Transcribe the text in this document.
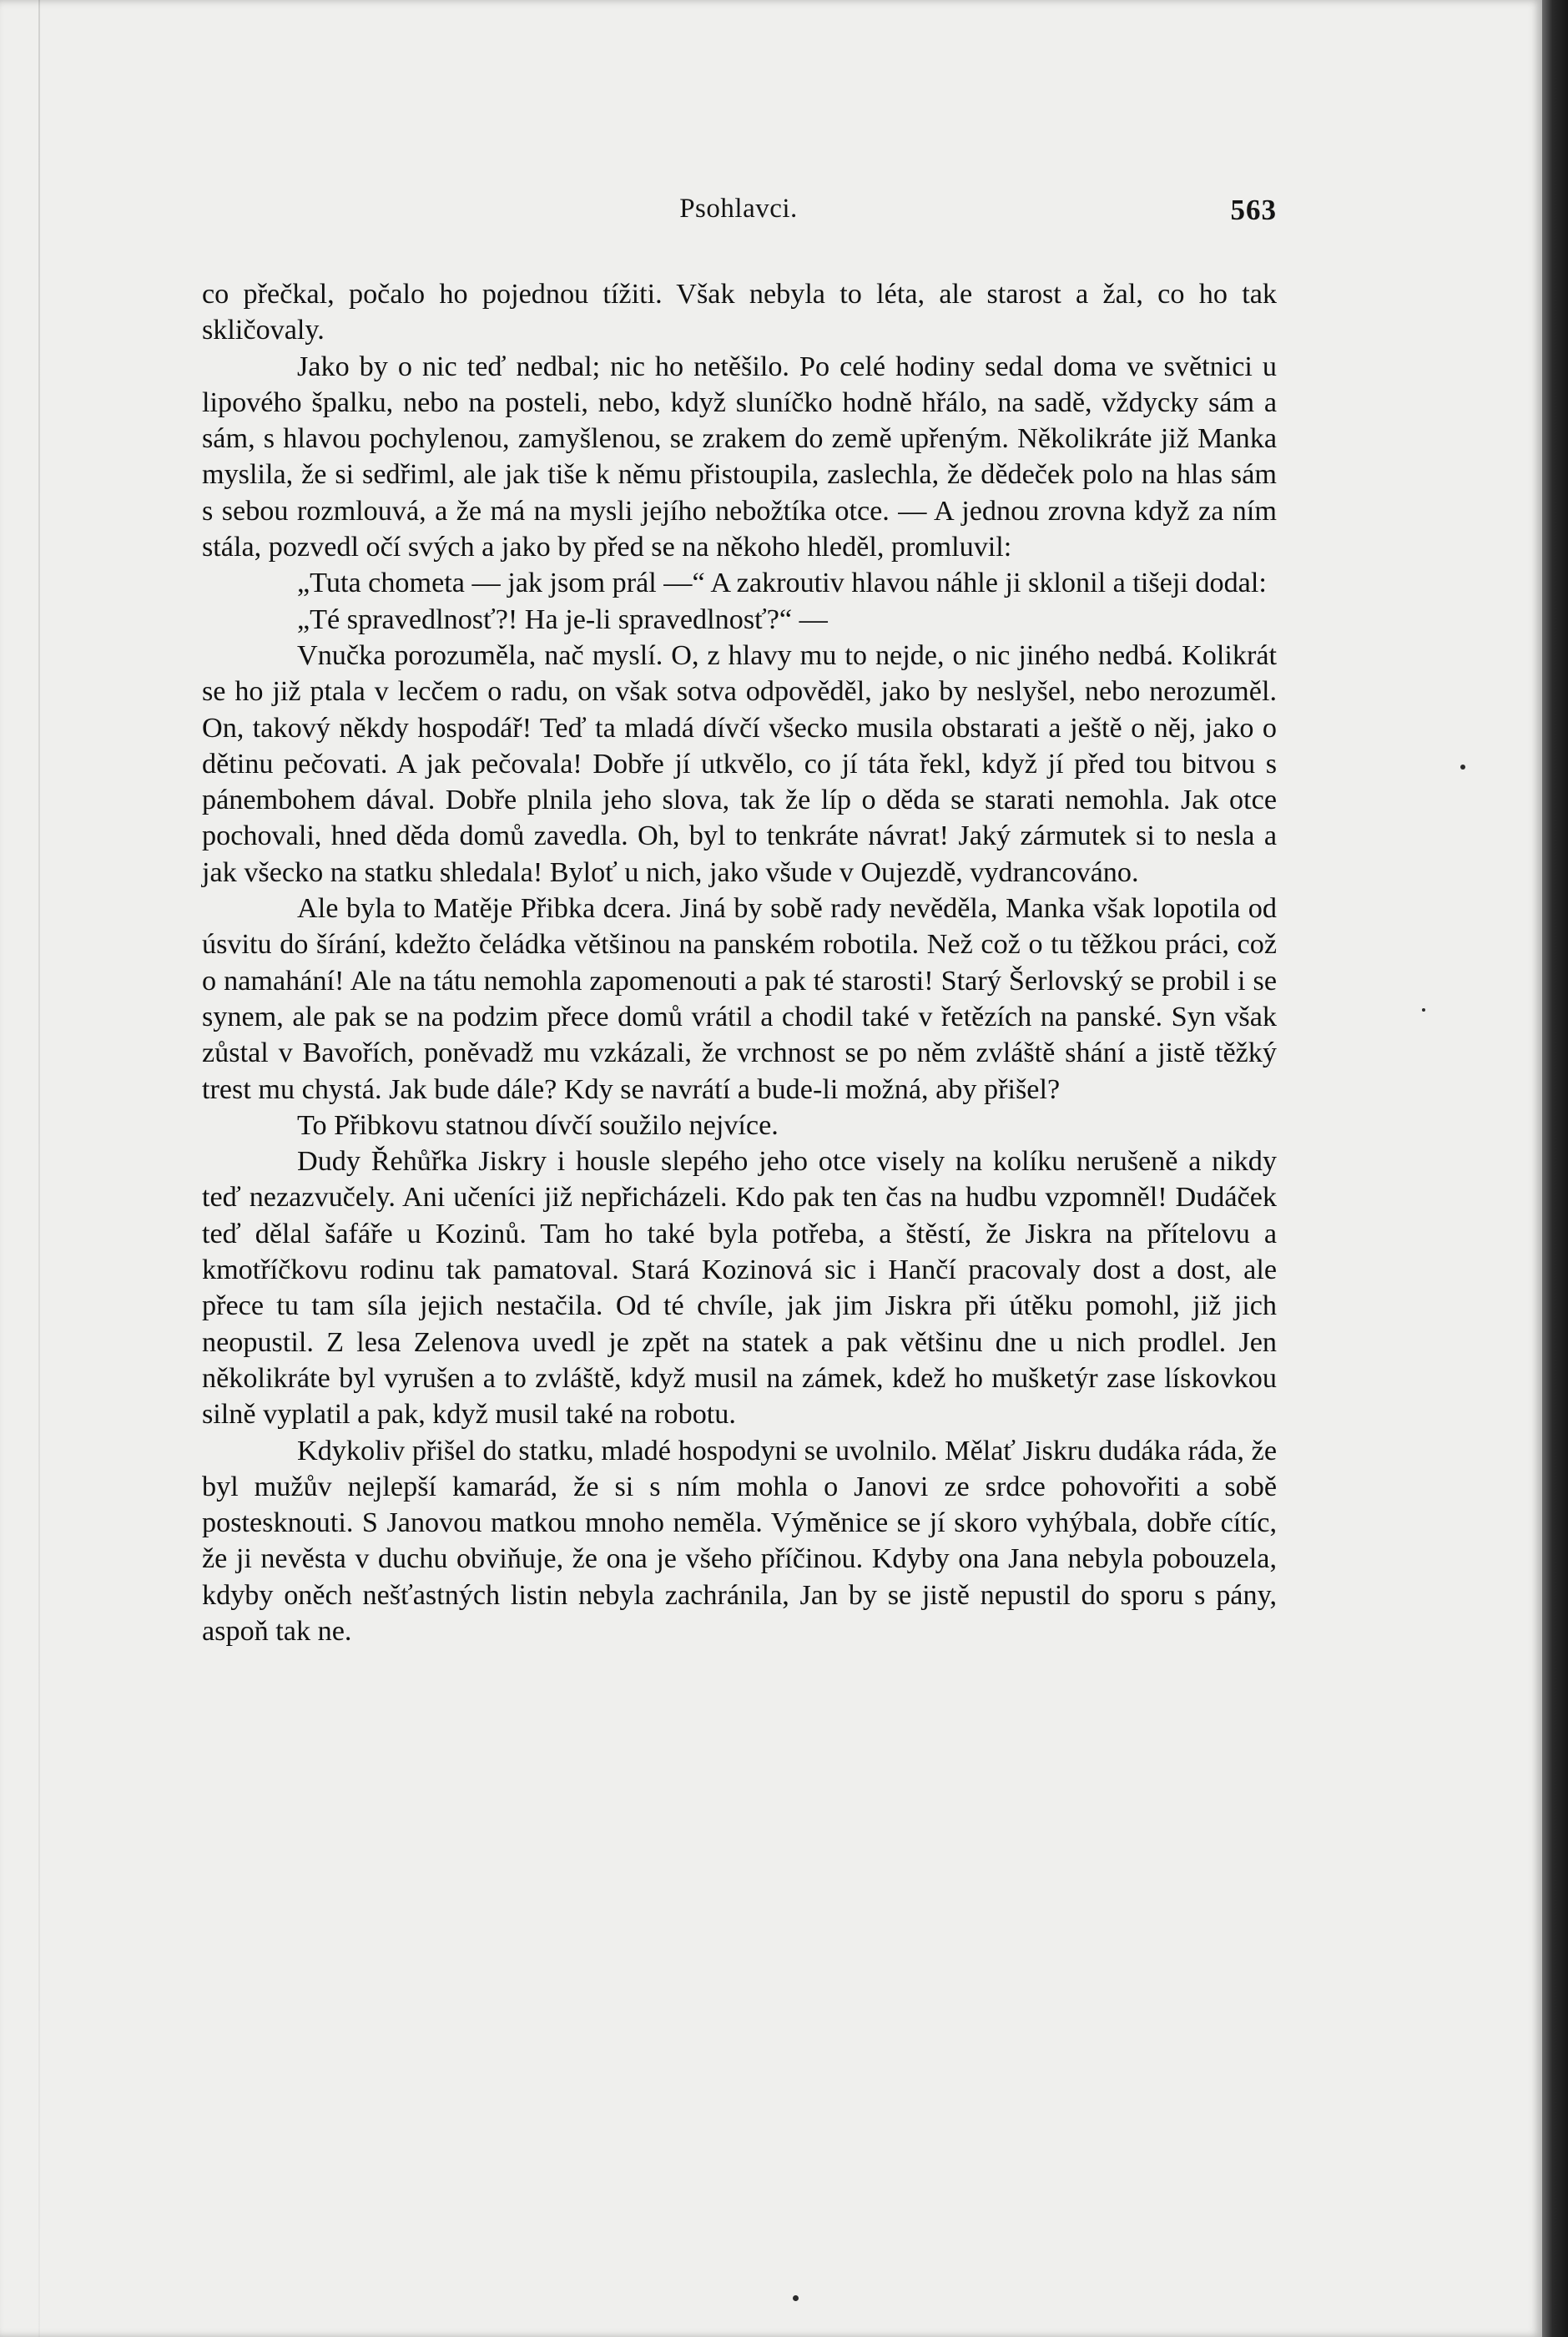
Psohlavci.	563

co přečkal, počalo ho pojednou tížiti. Však nebyla to léta, ale starost a žal, co ho tak skličovaly.

Jako by o nic teď nedbal; nic ho netěšilo. Po celé hodiny sedal doma ve světnici u lipového špalku, nebo na posteli, nebo, když sluníčko hodně hřálo, na sadě, vždycky sám a sám, s hlavou pochylenou, zamyšlenou, se zrakem do země upřeným. Několikráte již Manka myslila, že si sedřiml, ale jak tiše k němu přistoupila, zaslechla, že dědeček polo na hlas sám s sebou rozmlouvá, a že má na mysli jejího nebožtíka otce. — A jednou zrovna když za ním stála, pozvedl očí svých a jako by před se na někoho hleděl, promluvil:

„Tuta chometa — jak jsom prál —“ A zakroutiv hlavou náhle ji sklonil a tišeji dodal:

„Té spravedlnosť?! Ha je-li spravedlnosť?“ —

Vnučka porozuměla, nač myslí. O, z hlavy mu to nejde, o nic jiného nedbá. Kolikrát se ho již ptala v lecčem o radu, on však sotva odpověděl, jako by neslyšel, nebo nerozuměl. On, takový někdy hospodář! Teď ta mladá dívčí všecko musila obstarati a ještě o něj, jako o dětinu pečovati. A jak pečovala! Dobře jí utkvělo, co jí táta řekl, když jí před tou bitvou s pánembohem dával. Dobře plnila jeho slova, tak že líp o děda se starati nemohla. Jak otce pochovali, hned děda domů zavedla. Oh, byl to tenkráte návrat! Jaký zármutek si to nesla a jak všecko na statku shledala! Byloť u nich, jako všude v Oujezdě, vydrancováno.

Ale byla to Matěje Přibka dcera. Jiná by sobě rady nevěděla, Manka však lopotila od úsvitu do šírání, kdežto čeládka většinou na panském robotila. Než což o tu těžkou práci, což o namahání! Ale na tátu nemohla zapomenouti a pak té starosti! Starý Šerlovský se probil i se synem, ale pak se na podzim přece domů vrátil a chodil také v řetězích na panské. Syn však zůstal v Bavořích, poněvadž mu vzkázali, že vrchnost se po něm zvláště shání a jistě těžký trest mu chystá. Jak bude dále? Kdy se navrátí a bude-li možná, aby přišel?

To Přibkovu statnou dívčí soužilo nejvíce.

Dudy Řehůřka Jiskry i housle slepého jeho otce visely na kolíku nerušeně a nikdy teď nezazvučely. Ani učeníci již nepřicházeli. Kdo pak ten čas na hudbu vzpomněl! Dudáček teď dělal šafáře u Kozinů. Tam ho také byla potřeba, a štěstí, že Jiskra na přítelovu a kmotříčkovu rodinu tak pamatoval. Stará Kozinová sic i Hančí pracovaly dost a dost, ale přece tu tam síla jejich nestačila. Od té chvíle, jak jim Jiskra při útěku pomohl, již jich neopustil. Z lesa Zelenova uvedl je zpět na statek a pak většinu dne u nich prodlel. Jen několikráte byl vyrušen a to zvláště, když musil na zámek, kdež ho mušketýr zase lískovkou silně vyplatil a pak, když musil také na robotu.

Kdykoliv přišel do statku, mladé hospodyni se uvolnilo. Mělať Jiskru dudáka ráda, že byl mužův nejlepší kamarád, že si s ním mohla o Janovi ze srdce pohovořiti a sobě postesknouti. S Janovou matkou mnoho neměla. Výměnice se jí skoro vyhýbala, dobře cítíc, že ji nevěsta v duchu obviňuje, že ona je všeho příčinou. Kdyby ona Jana nebyla pobouzela, kdyby oněch nešťastných listin nebyla zachránila, Jan by se jistě nepustil do sporu s pány, aspoň tak ne.
